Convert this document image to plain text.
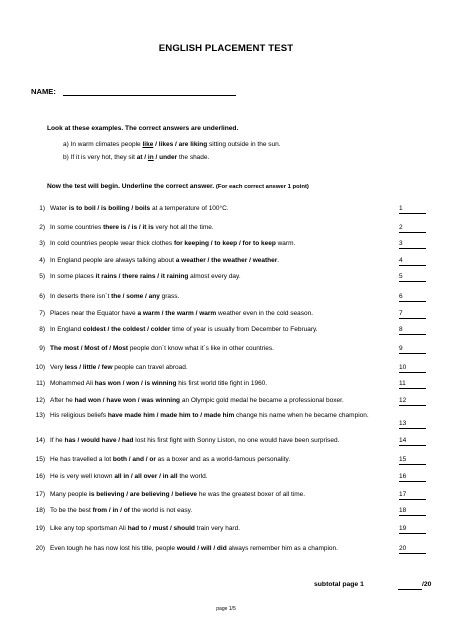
ENGLISH PLACEMENT TEST
NAME:
Look at these examples. The correct answers are underlined.
a) In warm climates people like / likes / are liking sitting outside in the sun.
b) If it is very hot, they sit at / in / under the shade.
Now the test will begin. Underline the correct answer. (For each correct answer 1 point)
1) Water is to boil / is boiling / boils at a temperature of 100°C.	1
2) In some countries there is / is / it is very hot all the time.	2
3) In cold countries people wear thick clothes for keeping / to keep / for to keep warm.	3
4) In England people are always talking about a weather / the weather / weather.	4
5) In some places it rains / there rains / it raining almost every day.	5
6) In deserts there isn´t the / some / any grass.	6
7) Places near the Equator have a warm / the warm / warm weather even in the cold season.	7
8) In England coldest / the coldest / colder time of year is usually from December to February.	8
9) The most / Most of / Most people don´t know what it´s like in other countries.	9
10) Very less / little / few people can travel abroad.	10
11) Mohammed Ali has won / won / is winning his first world title fight in 1960.	11
12) After he had won / have won / was winning an Olympic gold medal he became a professional boxer.	12
13) His religious beliefs have made him / made him to / made him change his name when he became champion.
13
14) If he has / would have / had lost his first fight with Sonny Liston, no one would have been surprised.	14
15) He has travelled a lot both / and / or as a boxer and as a world-famous personality.	15
16) He is very well known all in / all over / in all the world.	16
17) Many people is believing / are believing / believe he was the greatest boxer of all time.	17
18) To be the best from / in / of the world is not easy.	18
19) Like any top sportsman Ali had to / must / should train very hard.	19
20) Even tough he has now lost his title, people would / will / did always remember him as a champion.	20
subtotal page 1	/20
page 1/5
